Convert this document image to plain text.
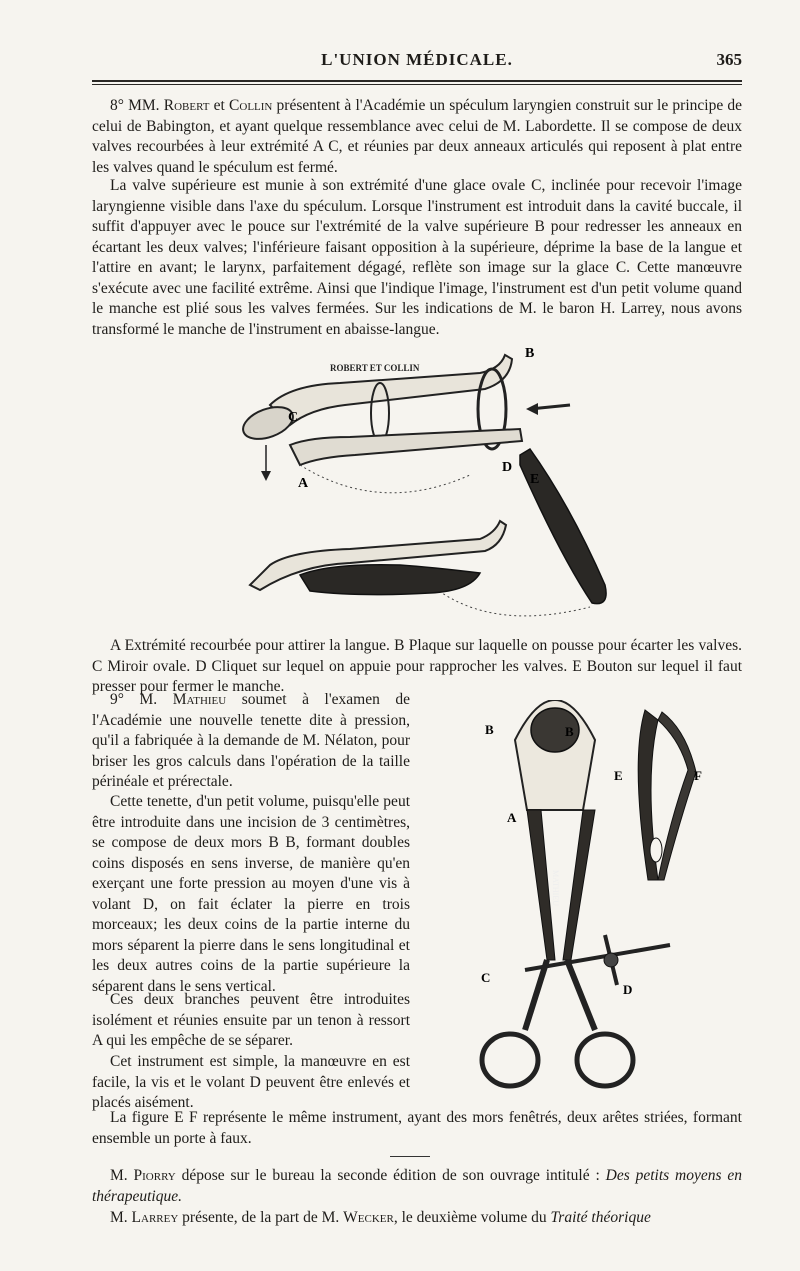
L'UNION MÉDICALE.	365

8° MM. Robert et Collin présentent à l'Académie un spéculum laryngien construit sur le principe de celui de Babington, et ayant quelque ressemblance avec celui de M. Labordette. Il se compose de deux valves recourbées à leur extrémité A C, et réunies par deux anneaux articulés qui reposent à plat entre les valves quand le spéculum est fermé.

La valve supérieure est munie à son extrémité d'une glace ovale C, inclinée pour recevoir l'image laryngienne visible dans l'axe du spéculum. Lorsque l'instrument est introduit dans la cavité buccale, il suffit d'appuyer avec le pouce sur l'extrémité de la valve supérieure B pour redresser les anneaux en écartant les deux valves; l'inférieure faisant opposition à la supérieure, déprime la base de la langue et l'attire en avant; le larynx, parfaitement dégagé, reflète son image sur la glace C. Cette manœuvre s'exécute avec une facilité extrême. Ainsi que l'indique l'image, l'instrument est d'un petit volume quand le manche est plié sous les valves fermées. Sur les indications de M. le baron H. Larrey, nous avons transformé le manche de l'instrument en abaisse-langue.

ROBERT ET COLLIN
B
C
A
D
E

A Extrémité recourbée pour attirer la langue. B Plaque sur laquelle on pousse pour écarter les valves. C Miroir ovale. D Cliquet sur lequel on appuie pour rapprocher les valves. E Bouton sur lequel il faut presser pour fermer le manche.

9° M. Mathieu soumet à l'examen de l'Académie une nouvelle tenette dite à pression, qu'il a fabriquée à la demande de M. Nélaton, pour briser les gros calculs dans l'opération de la taille périnéale et prérectale.

Cette tenette, d'un petit volume, puisqu'elle peut être introduite dans une incision de 3 centimètres, se compose de deux mors B B, formant doubles coins disposés en sens inverse, de manière qu'en exerçant une forte pression au moyen d'une vis à volant D, on fait éclater la pierre en trois morceaux; les deux coins de la partie interne du mors séparent la pierre dans le sens longitudinal et les deux autres coins de la partie supérieure la séparent dans le sens vertical.

Ces deux branches peuvent être introduites isolément et réunies ensuite par un tenon à ressort A qui les empêche de se séparer.

Cet instrument est simple, la manœuvre en est facile, la vis et le volant D peuvent être enlevés et placés aisément.

MATHIEU
B	B
A
C
D
E	F

La figure E F représente le même instrument, ayant des mors fenêtrés, deux arêtes striées, formant ensemble un porte à faux.

M. Piorry dépose sur le bureau la seconde édition de son ouvrage intitulé : Des petits moyens en thérapeutique.

M. Larrey présente, de la part de M. Wecker, le deuxième volume du Traité théorique
